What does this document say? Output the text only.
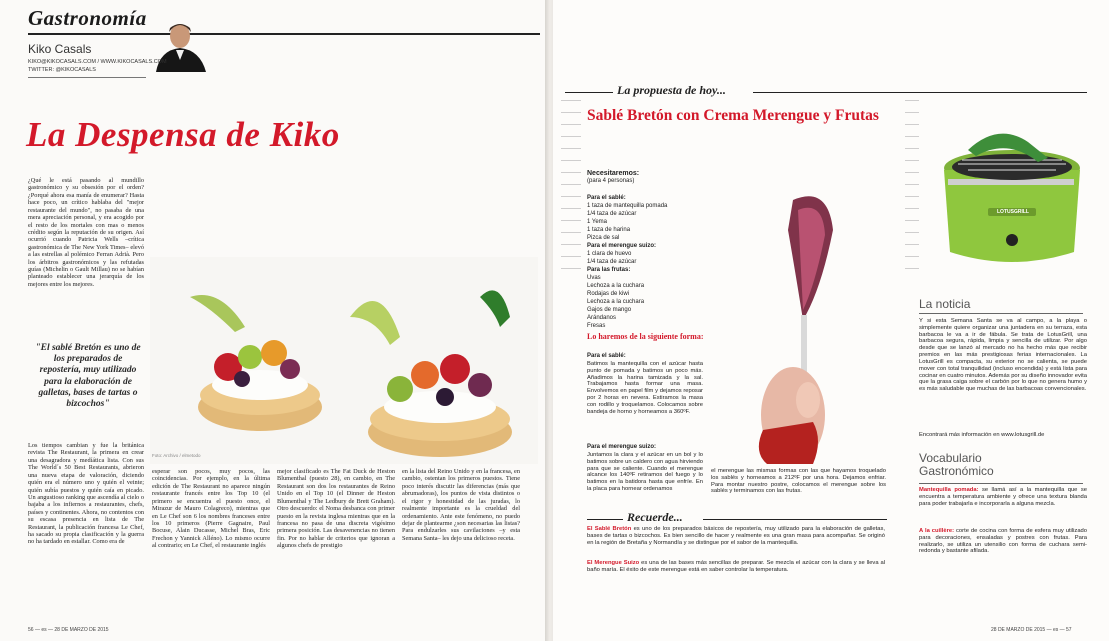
Gastronomía
Kiko Casals
KIKO@KIKOCASALS.COM / WWW.KIKOCASALS.COM
TWITTER: @KIKOCASALS
La Despensa de Kiko
¿Qué le está pasando al mundillo gastronómico y su obsesión por el orden? ¿Porqué ahora esa manía de enumerar? Hasta hace poco, un crítico hablaba del "mejor restaurante del mundo", no pasaba de una mera apreciación personal, y era acogido por el resto de los mortales con mas o menos crédito según la reputación de su origen. Así ocurrió cuando Patricia Wells –crítica gastronómica de The New York Times– elevó a las estrellas al polémico Ferran Adrià. Pero los árbitros gastronómicos y las refutadas guías (Michelin o Gault Millau) no se habían planteado establecer una jerarquía de los mejores entre los mejores.
"El sablé Bretón es uno de los preparados de repostería, muy utilizado para la elaboración de galletas, bases de tartas o bizcochos"
Foto: Archivo / elmetodo
Los tiempos cambian y fue la británica revista The Restaurant, la primera en crear una desagradora y medíática lista. Con sus The World´s 50 Best Restaurants, abrieron una nueva etapa de valoración, diciendo quién era el número uno y quién el veinte; quién subía puestos y quién caía en picado. Un angustioso ranking que ascendía al cielo o bajaba a los infiernos a restaurantes, chefs, países y continentes. Ahora, no contentos con su escasa presencia en lista de The Restaurant, la publicación francesa Le Chef, ha sacado su propia clasificación y la guerra no ha tardado en estallar. Como era de
esperar son pocos, muy pocos, las coincidencias. Por ejemplo, en la última edición de The Restaurant no aparece ningún restaurante francés entre los Top 10 (el primero se encuentra el puesto once, el Mirazur de Mauro Colagreco), mientras que en Le Chef son 6 los nombres franceses entre los 10 primeros (Pierre Gagnaire, Paul Bocuse, Alain Ducasse, Michel Bras, Eric Frechon y Yannick Alléno). Lo mismo ocurre al contrario; en Le Chef, el restaurante inglés
mejor clasificado es The Fat Duck de Heston Blumenthal (puesto 28), en cambio, en The Restaurant son dos los restaurantes de Reino Unido en el Top 10 (el Dinner de Heston Blumenthal y The Ledbury de Brett Graham). Otro descuerdo: el Noma desbanca con primer puesto en la revista inglesa mientras que en la francesa no pasa de una discreta vigésimo primera posición. Las desavenencias no tienen fin. Por no hablar de criterios que ignoran a algunos chefs de prestigio
en la lista del Reino Unido y en la francesa, en cambio, ostentan los primeros puestos. Tiene poco interés discutir las diferencias (más que abrumadoras), los puntos de vista distintos o el rigor y honestidad de las juradas, lo realmente importante es la crueldad del ordenamiento. Ante este fenómeno, no puedo dejar de plantearme ¿son necesarias las listas? Para endulzarles sus cavilaciones –y esta Semana Santa– les dejo una delicioso receta.
56 — es — 28 DE MARZO DE 2015
La propuesta de hoy...
Sablé Bretón con Crema Merengue y Frutas
Necesitaremos:
(para 4 personas)
Para el sablé:
1 taza de mantequilla pomada
1/4 taza de azúcar
1 Yema
1 taza de harina
Pizca de sal
Para el merengue suizo:
1 clara de huevo
1/4 taza de azúcar
Para las frutas:
Uvas
Lechoza a la cuchara
Rodajas de kiwi
Lechoza a la cuchara
Gajos de mango
Arándanos
Fresas
Lo haremos de la siguiente forma:
Para el sablé:
Batimos la mantequilla con el azúcar hasta punto de pomada y batimos un poco más. Añadimos la harina tamizada y la sal. Trabajamos hasta formar una masa. Envolvemos en papel film y dejamos reposar por 2 horas en nevera. Estiramos la masa con rodillo y troquelamos. Colocamos sobre bandeja de horno y horneamos a 360ºF.
Para el merengue suizo:
Juntamos la clara y el azúcar en un bol y lo batimos sobre un caldero con agua hirviendo para que se caliente. Cuando el merengue alcance los 140ºF retiramos del fuego y lo batimos en la batidora hasta que enfríe. En la placa para hornear ordenamos
el merengue las mismas formas con las que hayamos troquelado los sablés y horneamos a 212ºF por una hora. Dejamos enfriar. Para montar nuestro postre, colocamos el merengue sobre los sablés y terminamos con las frutas.
Recuerde...
El Sablé Bretón es uno de los preparados básicos de repostería, muy utilizado para la elaboración de galletas, bases de tartas o bizcochos. Es bien sencillo de hacer y realmente es una gran masa para acompañar. Se originó en la región de Bretaña y Normandía y se distingue por el sabor de la mantequilla.
El Merengue Suizo es una de las bases más sencillas de preparar. Se mezcla el azúcar con la clara y se lleva al baño maría. El éxito de este merengue está en saber controlar la temperatura.
LOTUSGRILL
La noticia
Y si esta Semana Santa se va al campo, a la playa o simplemente quiere organizar una juntadera en su terraza, esta barbacoa le va a ir de fábula. Se trata de LotusGrill, una barbacoa segura, rápida, limpia y sencilla de utilizar. Por algo desde que se lanzó al mercado no ha hecho más que recibir premios en las más prestigiosas ferias internacionales. La LotusGrill es compacta, su exterior no se calienta, se puede mover con total tranquilidad (incluso encendida) y está lista para cocinar en cuatro minutos. Además por su diseño innovador evita que la grasa caiga sobre el carbón por lo que no genera humo y es más saludable que muchas de las barbacoas convencionales.
Encontrará más información en www.lotusgrill.de
Vocabulario Gastronómico
Mantequilla pomada: se llamá así a la mantequilla que se encuentra a temperatura ambiente y ofrece una textura blanda para poder trabajarla e incorporarla a alguna mezcla.
A la cuillère: corte de cocina con forma de esfera muy utilizado para decoraciones, ensaladas y postres con frutas. Para realizarlo, se utiliza un utensilio con forma de cuchara semi-redonda y bastante afilada.
28 DE MARZO DE 2015 — es — 57
